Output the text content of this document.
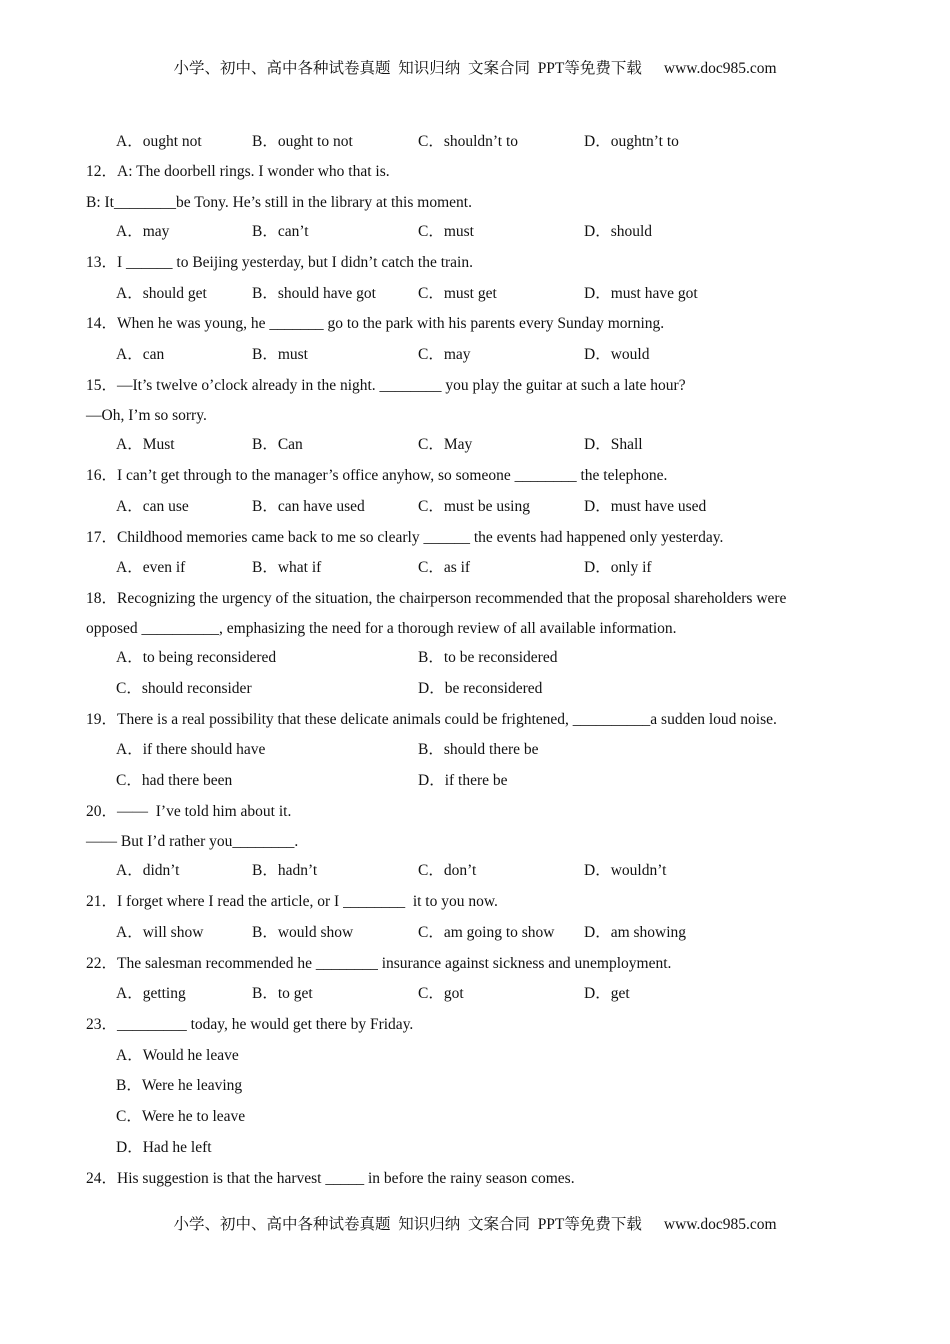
小学、初中、高中各种试卷真题  知识归纳  文案合同  PPT等免费下载 www.doc985.com
A．ought not	B．ought to not	C．shouldn’t to	D．oughtn’t to
12．A: The doorbell rings. I wonder who that is.
B: It________be Tony. He’s still in the library at this moment.
A．may	B．can’t	C．must	D．should
13．I ______ to Beijing yesterday, but I didn’t catch the train.
A．should get	B．should have got	C．must get	D．must have got
14．When he was young, he _______ go to the park with his parents every Sunday morning.
A．can	B．must	C．may	D．would
15．—It’s twelve o’clock already in the night. ________ you play the guitar at such a late hour?
—Oh, I’m so sorry.
A．Must	B．Can	C．May	D．Shall
16．I can’t get through to the manager’s office anyhow, so someone ________ the telephone.
A．can use	B．can have used	C．must be using	D．must have used
17．Childhood memories came back to me so clearly ______ the events had happened only yesterday.
A．even if	B．what if	C．as if	D．only if
18．Recognizing the urgency of the situation, the chairperson recommended that the proposal shareholders were
opposed __________, emphasizing the need for a thorough review of all available information.
A．to being reconsidered	B．to be reconsidered
C．should reconsider	D．be reconsidered
19．There is a real possibility that these delicate animals could be frightened, __________a sudden loud noise.
A．if there should have	B．should there be
C．had there been	D．if there be
20．——  I’ve told him about it.
—— But I’d rather you________.
A．didn’t	B．hadn’t	C．don’t	D．wouldn’t
21．I forget where I read the article, or I ________  it to you now.
A．will show	B．would show	C．am going to show D．am showing
22．The salesman recommended he ________ insurance against sickness and unemployment.
A．getting	B．to get	C．got	D．get
23．_________ today, he would get there by Friday.
A．Would he leave
B．Were he leaving
C．Were he to leave
D．Had he left
24．His suggestion is that the harvest _____ in before the rainy season comes.
小学、初中、高中各种试卷真题  知识归纳  文案合同  PPT等免费下载 www.doc985.com
